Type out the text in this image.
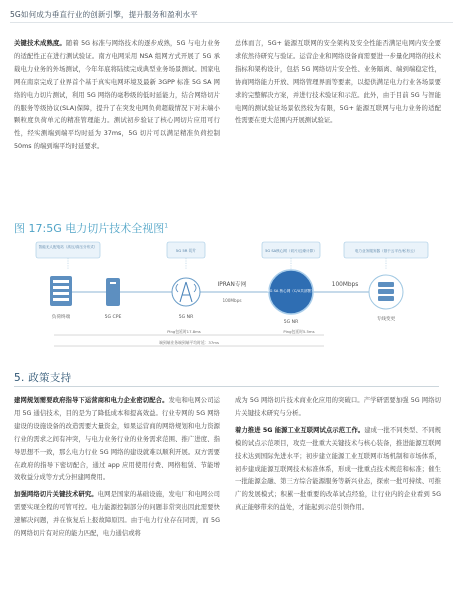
5G如何成为垂直行业的创新引擎，提升服务和盈利水平

关键技术成熟度。随着 5G 标准与网络技术的逐步成熟，5G 与电力业务的适配性正在进行测试验证。南方电网采用 NSA 组网方式开展了 5G 承载电力业务的外场测试，今年年底将陆续完成典型业务场景测试。国家电网在南京完成了业界首个基于真实电网环境及最新 3GPP 标准 5G SA 网络的电力切片测试，利用 5G 网络的毫秒级的低时延能力，结合网络切片的服务等级协议(SLA)保障，提升了在突发电网负荷超载情况下对末端小颗粒度负荷单元的精准管理能力。测试初步验证了核心网切片应用可行性，经实测端到端平均时延为 37ms，5G 切片可以满足精准负荷控制 50ms 的端到端平均时延要求。

总体而言，5G+ 能源互联网的安全架构及安全性能否满足电网内安全要求依然待研究与验证。运营企业和网络设备商需要进一步量化网络的技术指标和架构设计，包括 5G 网络切片安全性、业务隔离、端到端稳定性，协商网络能力开放、网络管理界面等要素，以提供满足电力行业各场景要求的完整解决方案，并进行技术验证和示范。此外，由于目前 5G 与智能电网的测试验证场景依然较为有限，5G+ 能源互联网与电力业务的适配性需要在更大范围内开展测试验证。

图 17:5G 电力切片技术全视图$^1$
智能无人配电站（高压/高压分布式）
5G 5R 切片	5G SA核心网（切片/边缘计算）	电力业务服务器（基于云平台/私有云）
负荷终端	5G CPE	5G NR
IPRAN专网
100Mbps
5G SA 核心网（C/U共部署）
5G NR
100Mbps
专线变更
Ping包延时17.8ms	Ping包延时5.5ms
端到端业务端到端平均时延：37ms
5. 政策支持

建网规划需要政府指导下运营商和电力企业密切配合。发电和电网公司运用 5G 通信技术，目的是为了降低成本和提高效益。行业专网的 5G 网络建设的设施设备的改造需要大量资金，如果运营商的网络规划和电力资源行业的需求之间有冲突，与电力业务行业的业务需求范围、推广进度、指导思想不一致，那么电力行业 5G 网络的建设就难以顺利开展。双方需要在政府的指导下密切配合，通过 app 应用使用付费、网格租赁、节能增效收益分成等方式分担建网费用。

加强网络切片关键技术研究。电网是国家的基础设施，发电厂和电网公司需要实现全程的可管可控。电力能源控制部分的问题非常突出因此需要快速解决问题，并在恢复后上报故障原因。由于电力行业存在同需，而 5G 的网络切片有对应的能力匹配，电力通信或将

成为 5G 网络切片技术商业化应用的突破口。产学研需要加强 5G 网络切片关键技术研究与分析。

着力推进 5G 能源工业互联网试点示范工作。建成一批不同类型、不同规模的试点示范项目，攻克一批重大关键技术与核心装备，推进能源互联网技术达到国际先进水平；初步建立能源工业互联网市场机制和市场体系，初步建成能源互联网技术标准体系，形成一批重点技术规范和标准；催生一批能源金融、第三方综合能源服务等新兴业态，探索一批可持续、可推广的发展模式；积累一批重要的改革试点经验，让行业内的企业看到 5G 真正能够带来的益处，才能起到示范引领作用。
